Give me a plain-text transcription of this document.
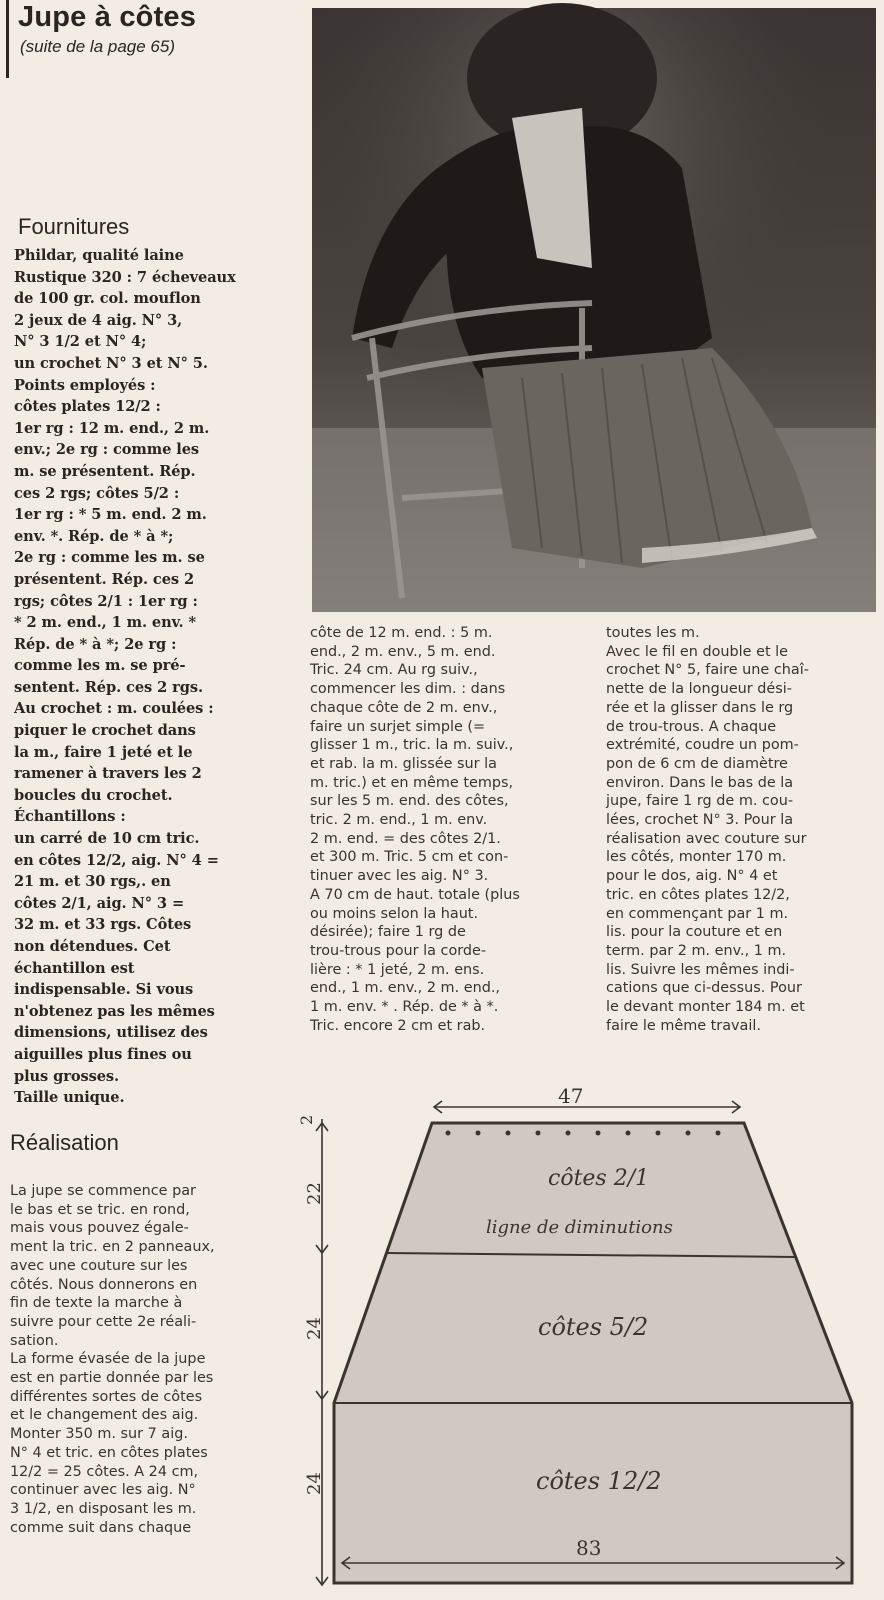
Jupe à côtes
(suite de la page 65)
Fournitures
Phildar, qualité laine
Rustique 320 : 7 écheveaux
de 100 gr. col. mouflon
2 jeux de 4 aig. N° 3,
N° 3 1/2 et N° 4;
un crochet N° 3 et N° 5.
Points employés :
côtes plates 12/2 :
1er rg : 12 m. end., 2 m.
env.; 2e rg : comme les
m. se présentent. Rép.
ces 2 rgs; côtes 5/2 :
1er rg : * 5 m. end. 2 m.
env. *. Rép. de * à *;
2e rg : comme les m. se
présentent. Rép. ces 2
rgs; côtes 2/1 : 1er rg :
* 2 m. end., 1 m. env. *
Rép. de * à *; 2e rg :
comme les m. se pré-
sentent. Rép. ces 2 rgs.
Au crochet : m. coulées :
piquer le crochet dans
la m., faire 1 jeté et le
ramener à travers les 2
boucles du crochet.
Échantillons :
un carré de 10 cm tric.
en côtes 12/2, aig. N° 4 =
21 m. et 30 rgs,. en
côtes 2/1, aig. N° 3 =
32 m. et 33 rgs. Côtes
non détendues. Cet
échantillon est
indispensable. Si vous
n'obtenez pas les mêmes
dimensions, utilisez des
aiguilles plus fines ou
plus grosses.
Taille unique.
Réalisation
La jupe se commence par
le bas et se tric. en rond,
mais vous pouvez égale-
ment la tric. en 2 panneaux,
avec une couture sur les
côtés. Nous donnerons en
fin de texte la marche à
suivre pour cette 2e réali-
sation.
La forme évasée de la jupe
est en partie donnée par les
différentes sortes de côtes
et le changement des aig.
Monter 350 m. sur 7 aig.
N° 4 et tric. en côtes plates
12/2 = 25 côtes. A 24 cm,
continuer avec les aig. N°
3 1/2, en disposant les m.
comme suit dans chaque
côte de 12 m. end. : 5 m.
end., 2 m. env., 5 m. end.
Tric. 24 cm. Au rg suiv.,
commencer les dim. : dans
chaque côte de 2 m. env.,
faire un surjet simple (=
glisser 1 m., tric. la m. suiv.,
et rab. la m. glissée sur la
m. tric.) et en même temps,
sur les 5 m. end. des côtes,
tric. 2 m. end., 1 m. env.
2 m. end. = des côtes 2/1.
et 300 m. Tric. 5 cm et con-
tinuer avec les aig. N° 3.
A 70 cm de haut. totale (plus
ou moins selon la haut.
désirée); faire 1 rg de
trou-trous pour la corde-
lière : * 1 jeté, 2 m. ens.
end., 1 m. env., 2 m. end.,
1 m. env. * . Rép. de * à *.
Tric. encore 2 cm et rab.
toutes les m.
Avec le fil en double et le
crochet N° 5, faire une chaî-
nette de la longueur dési-
rée et la glisser dans le rg
de trou-trous. A chaque
extrémité, coudre un pom-
pon de 6 cm de diamètre
environ. Dans le bas de la
jupe, faire 1 rg de m. cou-
lées, crochet N° 3. Pour la
réalisation avec couture sur
les côtés, monter 170 m.
pour le dos, aig. N° 4 et
tric. en côtes plates 12/2,
en commençant par 1 m.
lis. pour la couture et en
term. par 2 m. env., 1 m.
lis. Suivre les mêmes indi-
cations que ci-dessus. Pour
le devant monter 184 m. et
faire le même travail.
47
83
2
22
24
24
côtes 2/1
ligne de diminutions
côtes 5/2
côtes 12/2
